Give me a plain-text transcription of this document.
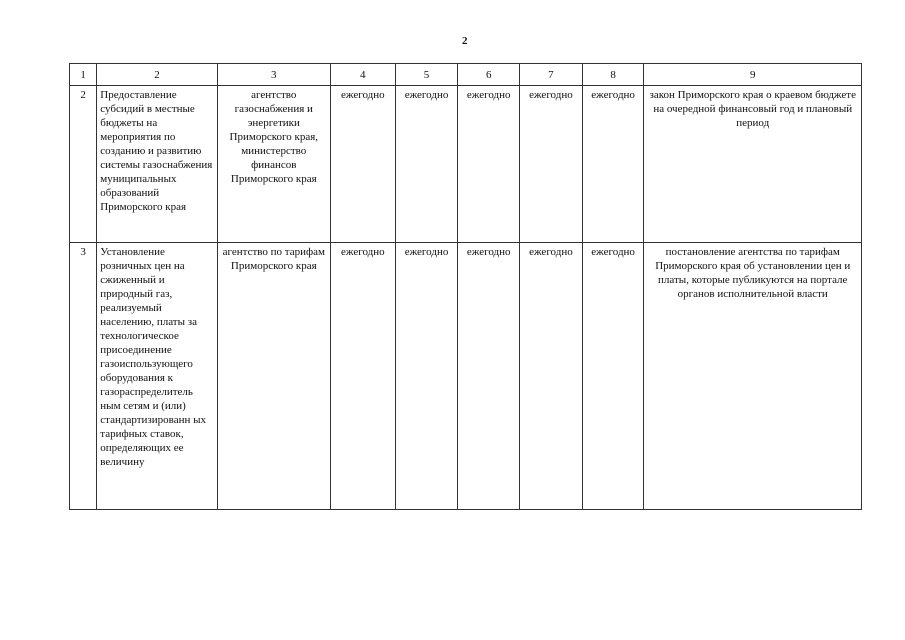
2
1	2	3	4	5	6	7	8	9
2	Предоставление субсидий в местные бюджеты на мероприятия по созданию и развитию системы газоснабжения муниципальных образований Приморского края	агентство газоснабжения и энергетики Приморского края, министерство финансов Приморского края	ежегодно	ежегодно	ежегодно	ежегодно	ежегодно	закон Приморского края о краевом бюджете на очередной финансовый год и плановый период
3	Установление розничных цен на сжиженный и природный газ, реализуемый населению, платы за технологическое присоединение газоиспользующего оборудования к газораспределитель ным сетям и (или) стандартизированн ых тарифных ставок, определяющих ее величину	агентство по тарифам Приморского края	ежегодно	ежегодно	ежегодно	ежегодно	ежегодно	постановление агентства по тарифам Приморского края об установлении цен и платы, которые публикуются на портале органов исполнительной власти
